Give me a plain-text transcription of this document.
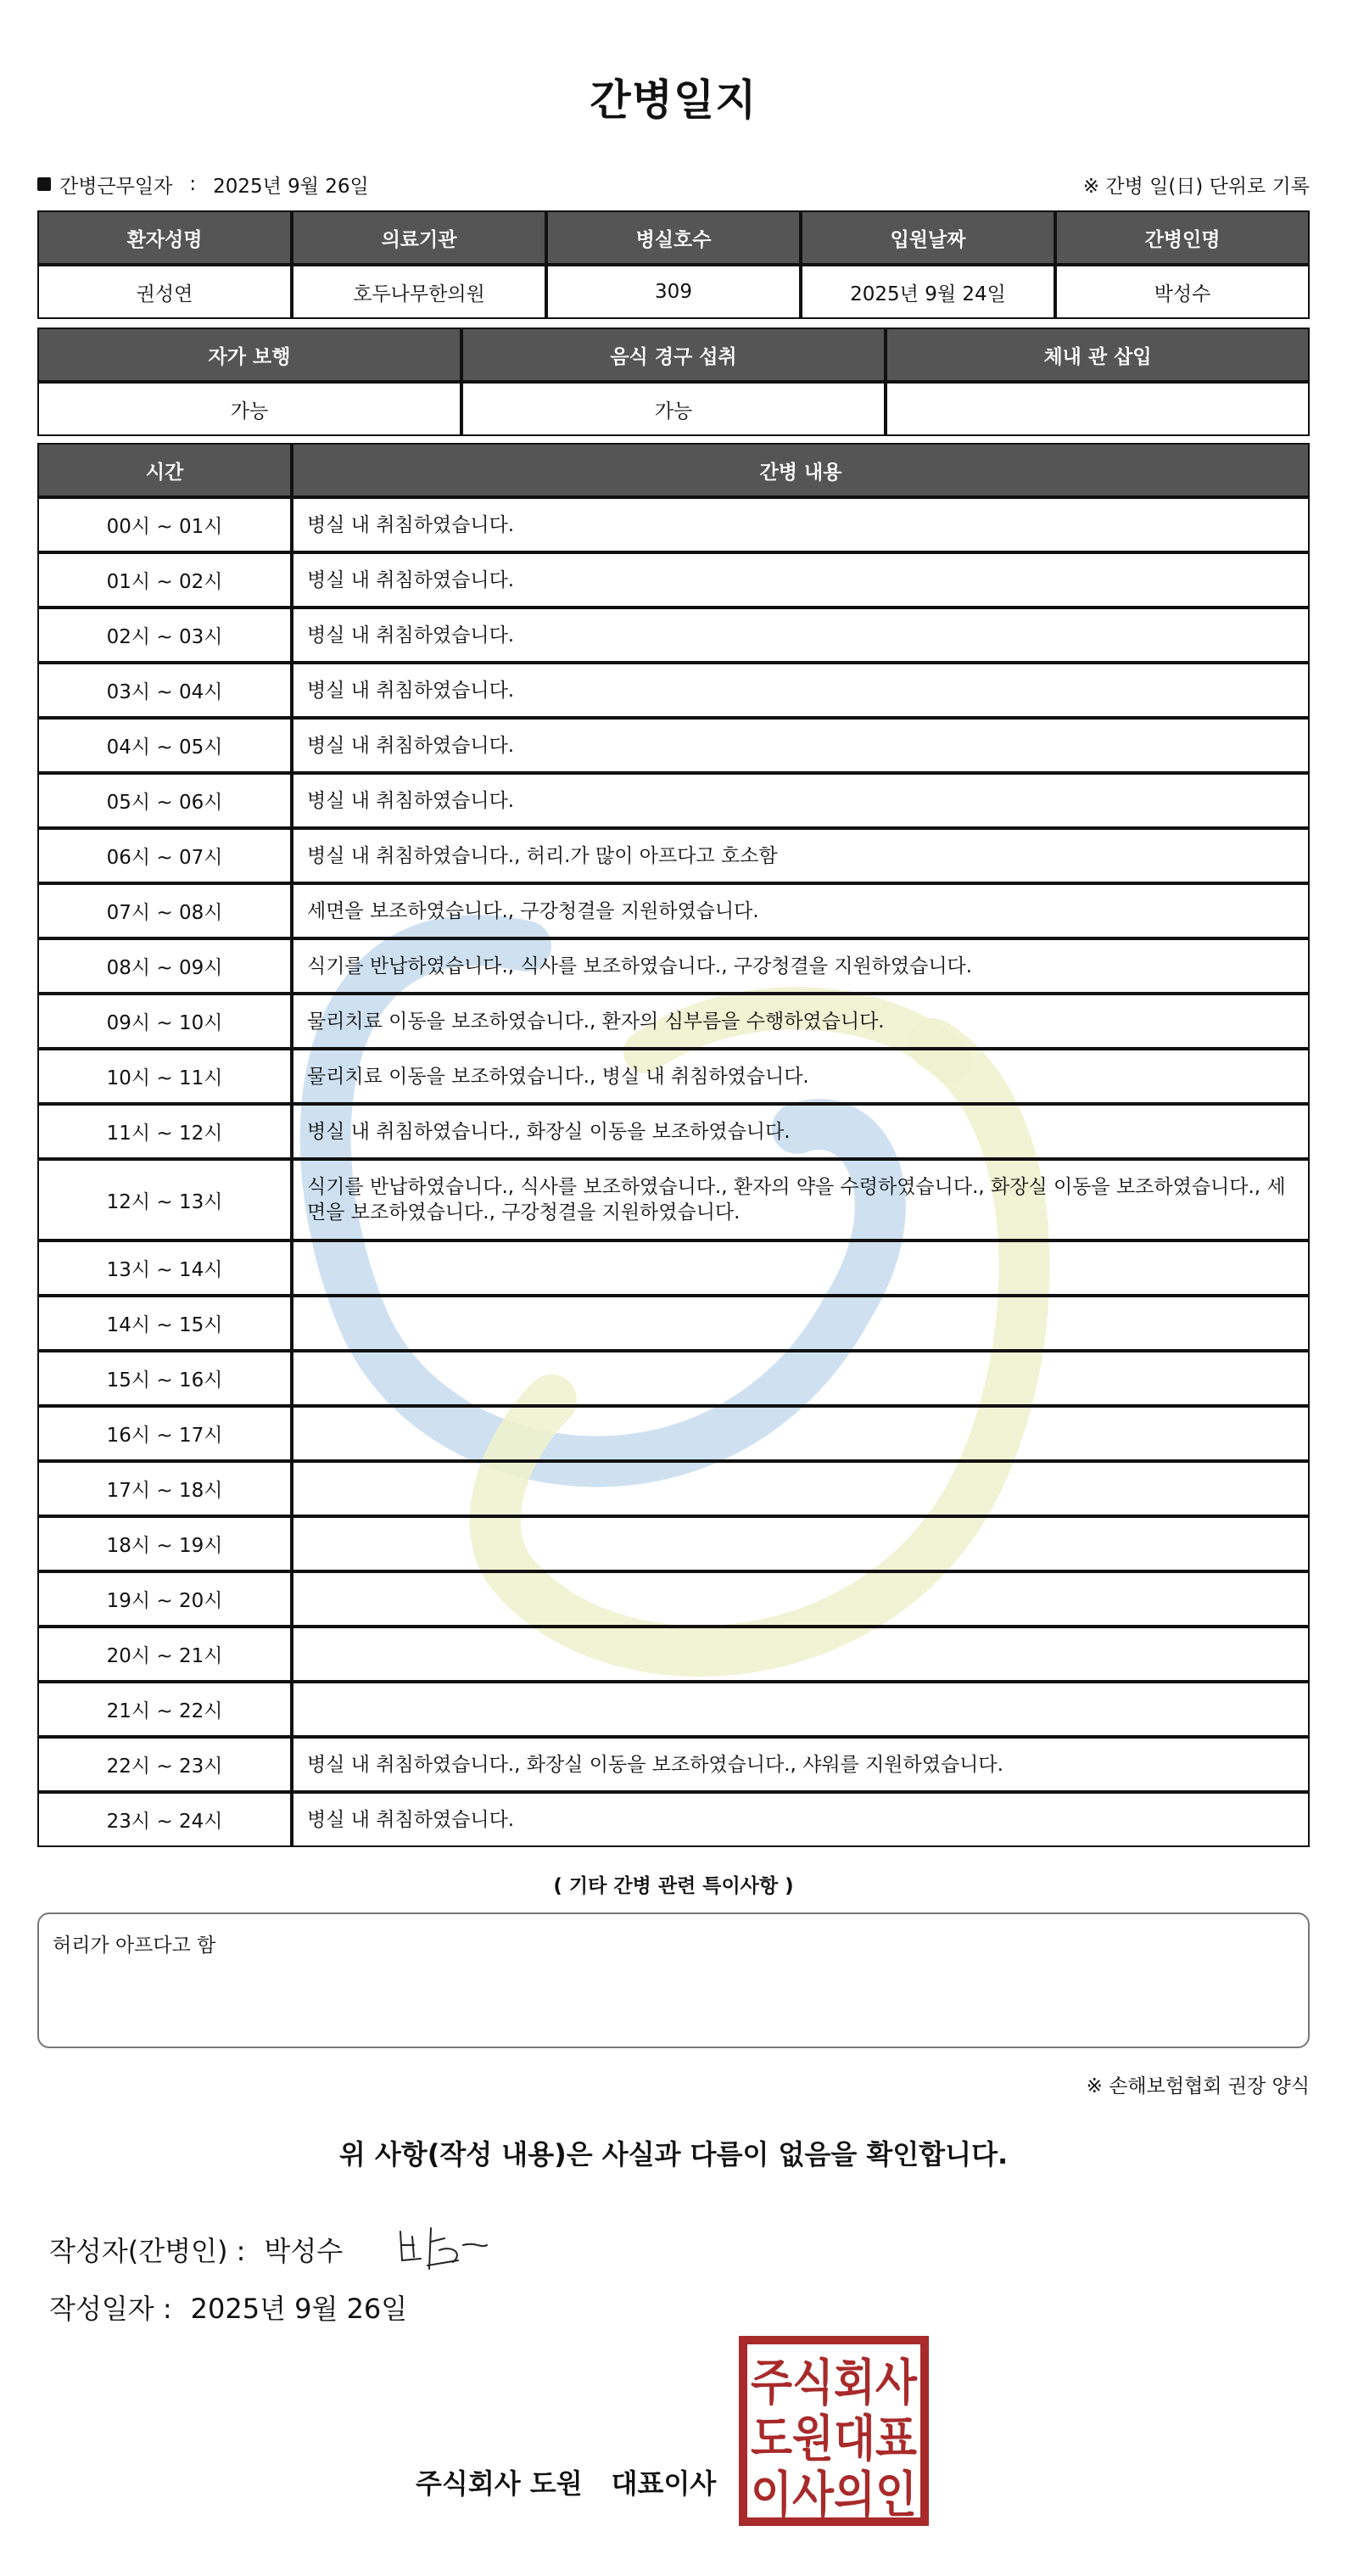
간병일지
간병근무일자 : 2025년 9월 26일	※ 간병 일(日) 단위로 기록
환자성명	의료기관	병실호수	입원날짜	간병인명
권성연	호두나무한의원	309	2025년 9월 24일	박성수
자가 보행	음식 경구 섭취	체내 관 삽입
가능	가능	
시간	간병 내용
00시 ~ 01시	병실 내 취침하였습니다.
01시 ~ 02시	병실 내 취침하였습니다.
02시 ~ 03시	병실 내 취침하였습니다.
03시 ~ 04시	병실 내 취침하였습니다.
04시 ~ 05시	병실 내 취침하였습니다.
05시 ~ 06시	병실 내 취침하였습니다.
06시 ~ 07시	병실 내 취침하였습니다., 허리.가 많이 아프다고 호소함
07시 ~ 08시	세면을 보조하였습니다., 구강청결을 지원하였습니다.
08시 ~ 09시	식기를 반납하였습니다., 식사를 보조하였습니다., 구강청결을 지원하였습니다.
09시 ~ 10시	물리치료 이동을 보조하였습니다., 환자의 심부름을 수행하였습니다.
10시 ~ 11시	물리치료 이동을 보조하였습니다., 병실 내 취침하였습니다.
11시 ~ 12시	병실 내 취침하였습니다., 화장실 이동을 보조하였습니다.
12시 ~ 13시	식기를 반납하였습니다., 식사를 보조하였습니다., 환자의 약을 수령하였습니다., 화장실 이동을 보조하였습니다., 세면을 보조하였습니다., 구강청결을 지원하였습니다.
13시 ~ 14시	
14시 ~ 15시	
15시 ~ 16시	
16시 ~ 17시	
17시 ~ 18시	
18시 ~ 19시	
19시 ~ 20시	
20시 ~ 21시	
21시 ~ 22시	
22시 ~ 23시	병실 내 취침하였습니다., 화장실 이동을 보조하였습니다., 샤워를 지원하였습니다.
23시 ~ 24시	병실 내 취침하였습니다.
( 기타 간병 관련 특이사항 )
허리가 아프다고 함
※ 손해보험협회 권장 양식
위 사항(작성 내용)은 사실과 다름이 없음을 확인합니다.
작성자(간병인) : 박성수
작성일자 : 2025년 9월 26일
주식회사 도원 대표이사
주식회사
도원대표
이사의인
